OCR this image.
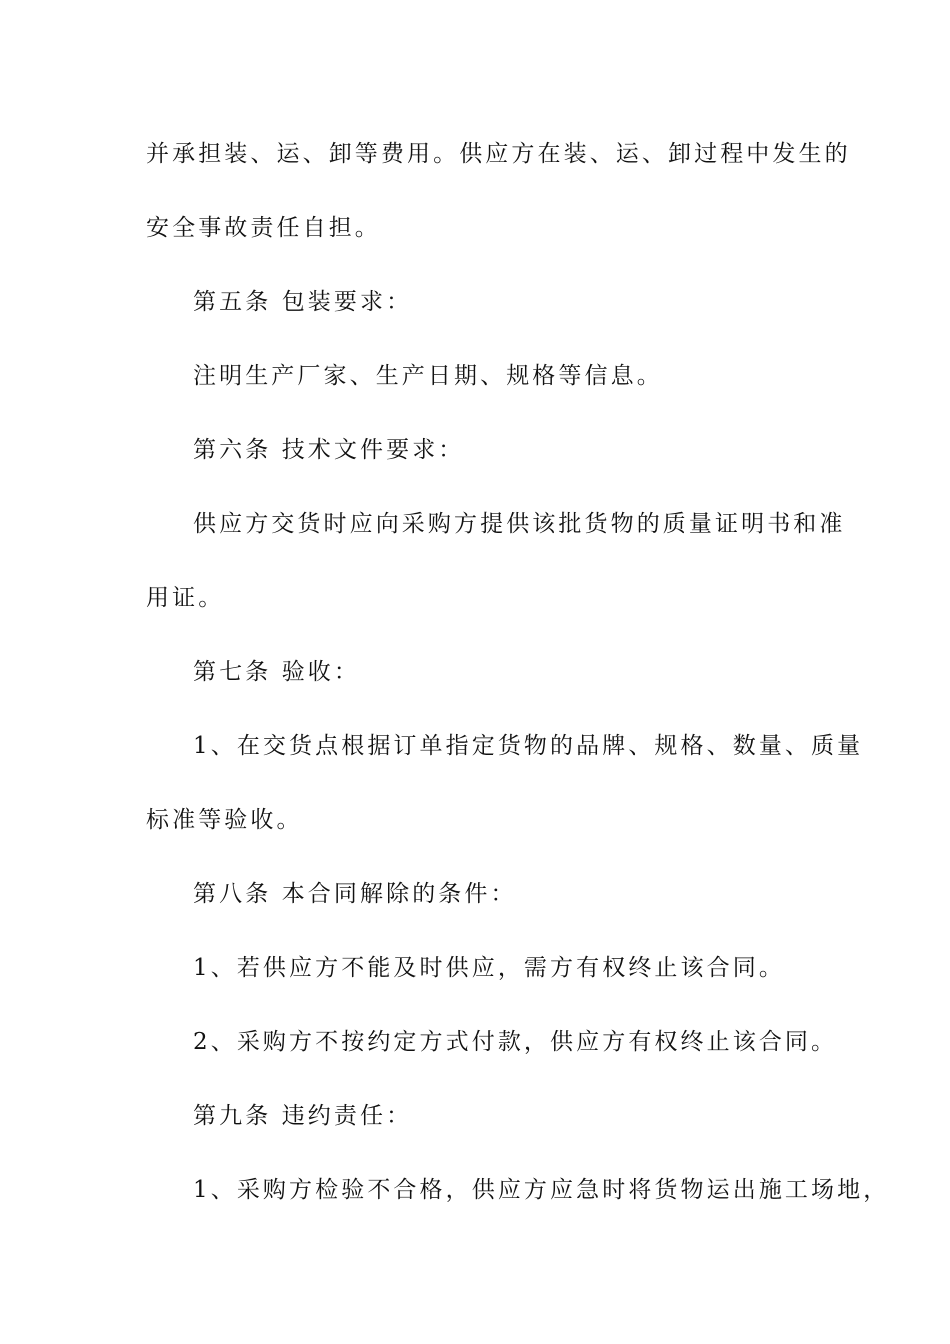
并承担装、运、卸等费用。供应方在装、运、卸过程中发生的
安全事故责任自担。
第五条 包装要求：
注明生产厂家、生产日期、规格等信息。
第六条 技术文件要求：
供应方交货时应向采购方提供该批货物的质量证明书和准
用证。
第七条 验收：
1、在交货点根据订单指定货物的品牌、规格、数量、质量
标准等验收。
第八条 本合同解除的条件：
1、若供应方不能及时供应，需方有权终止该合同。
2、采购方不按约定方式付款，供应方有权终止该合同。
第九条 违约责任：
1、采购方检验不合格，供应方应急时将货物运出施工场地，
